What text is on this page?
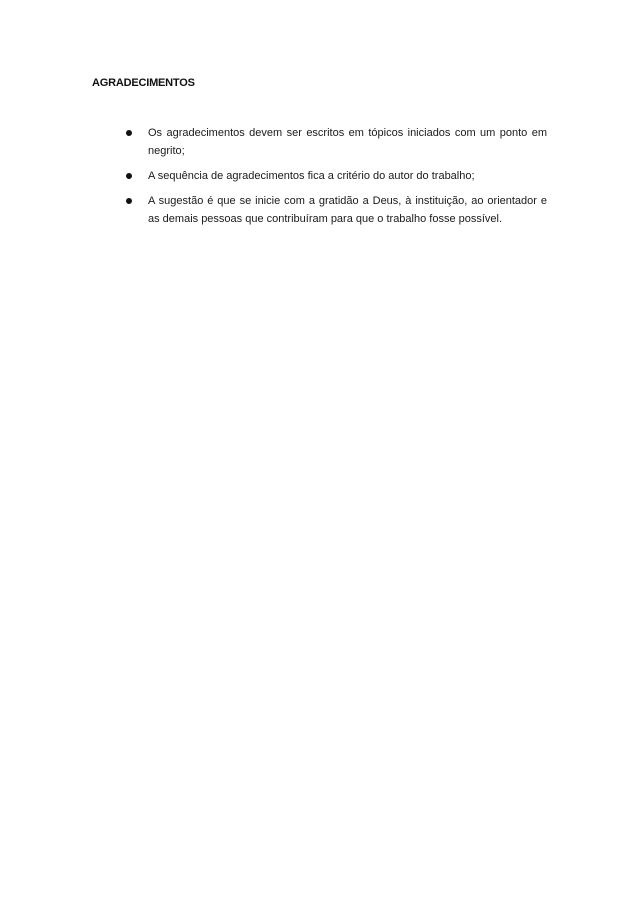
AGRADECIMENTOS
Os agradecimentos devem ser escritos em tópicos iniciados com um ponto em negrito;
A sequência de agradecimentos fica a critério do autor do trabalho;
A sugestão é que se inicie com a gratidão a Deus, à instituição, ao orientador e as demais pessoas que contribuíram para que o trabalho fosse possível.
